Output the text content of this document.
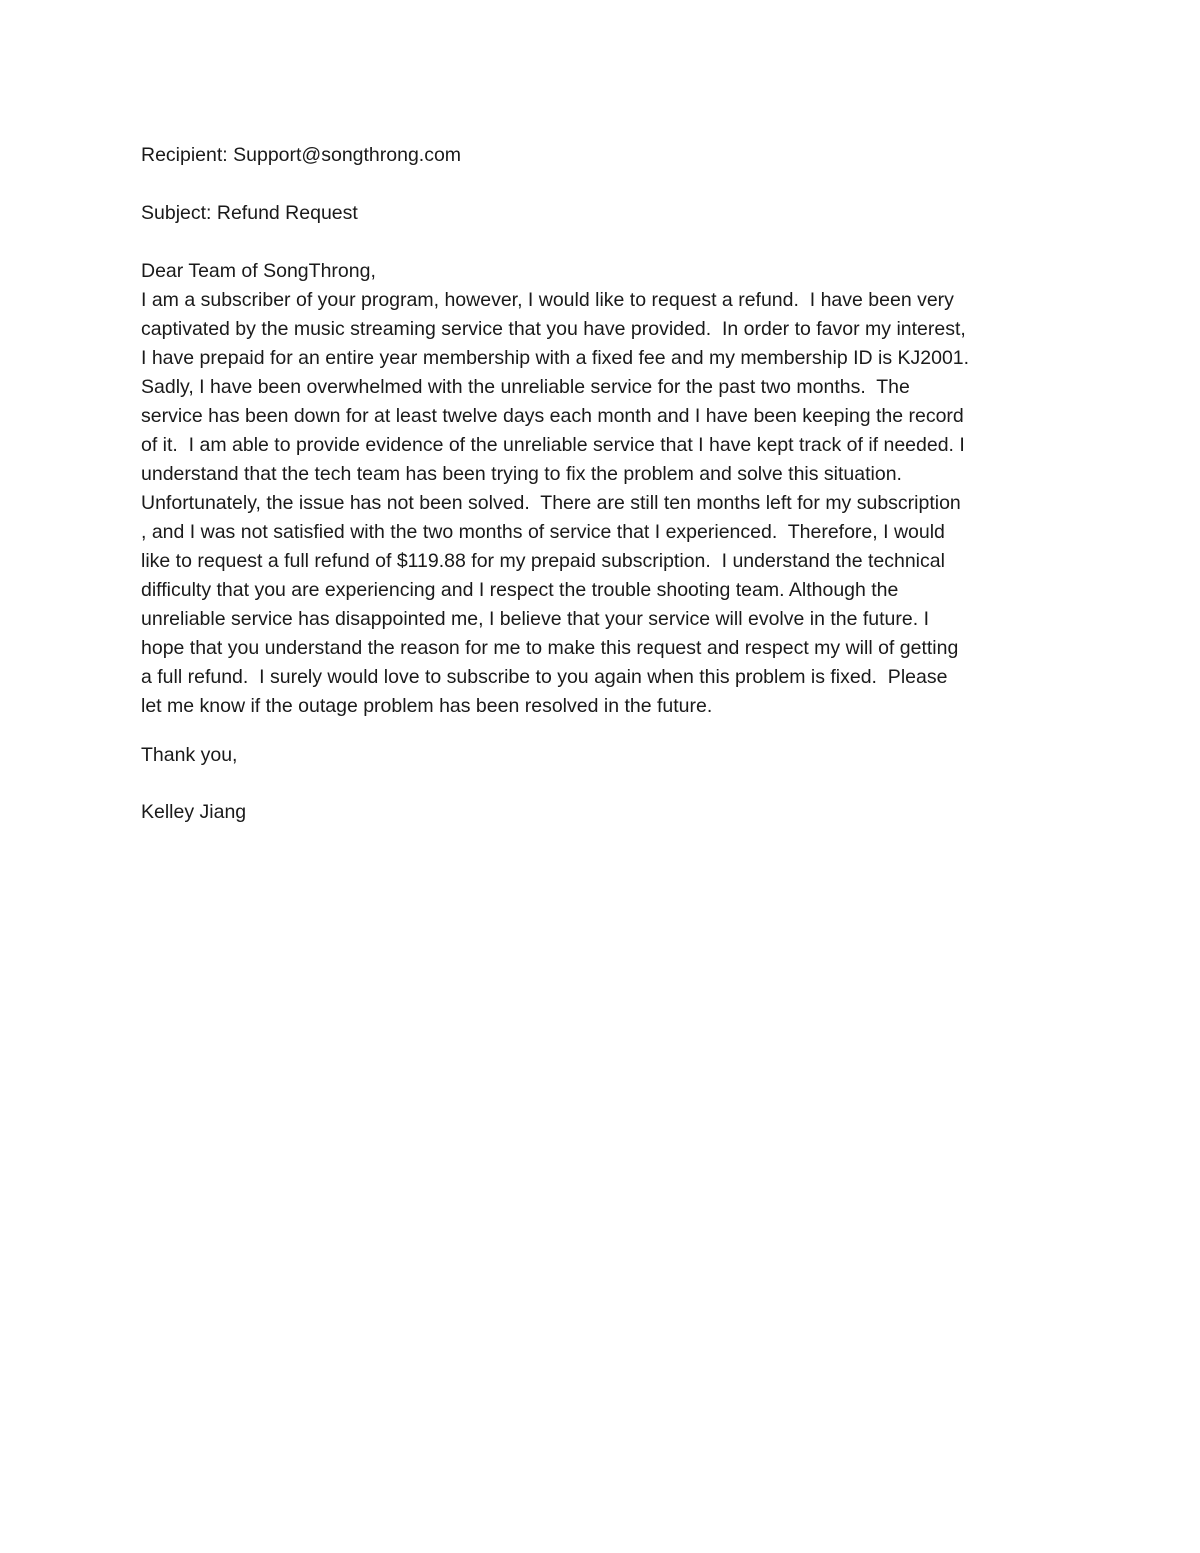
Recipient: Support@songthrong.com
Subject: Refund Request
Dear Team of SongThrong,
I am a subscriber of your program, however, I would like to request a refund.  I have been very
captivated by the music streaming service that you have provided.  In order to favor my interest,
I have prepaid for an entire year membership with a fixed fee and my membership ID is KJ2001.
Sadly, I have been overwhelmed with the unreliable service for the past two months.  The
service has been down for at least twelve days each month and I have been keeping the record
of it.  I am able to provide evidence of the unreliable service that I have kept track of if needed. I
understand that the tech team has been trying to fix the problem and solve this situation.
Unfortunately, the issue has not been solved.  There are still ten months left for my subscription
, and I was not satisfied with the two months of service that I experienced.  Therefore, I would
like to request a full refund of $119.88 for my prepaid subscription.  I understand the technical
difficulty that you are experiencing and I respect the trouble shooting team. Although the
unreliable service has disappointed me, I believe that your service will evolve in the future. I
hope that you understand the reason for me to make this request and respect my will of getting
a full refund.  I surely would love to subscribe to you again when this problem is fixed.  Please
let me know if the outage problem has been resolved in the future.
Thank you,
Kelley Jiang
